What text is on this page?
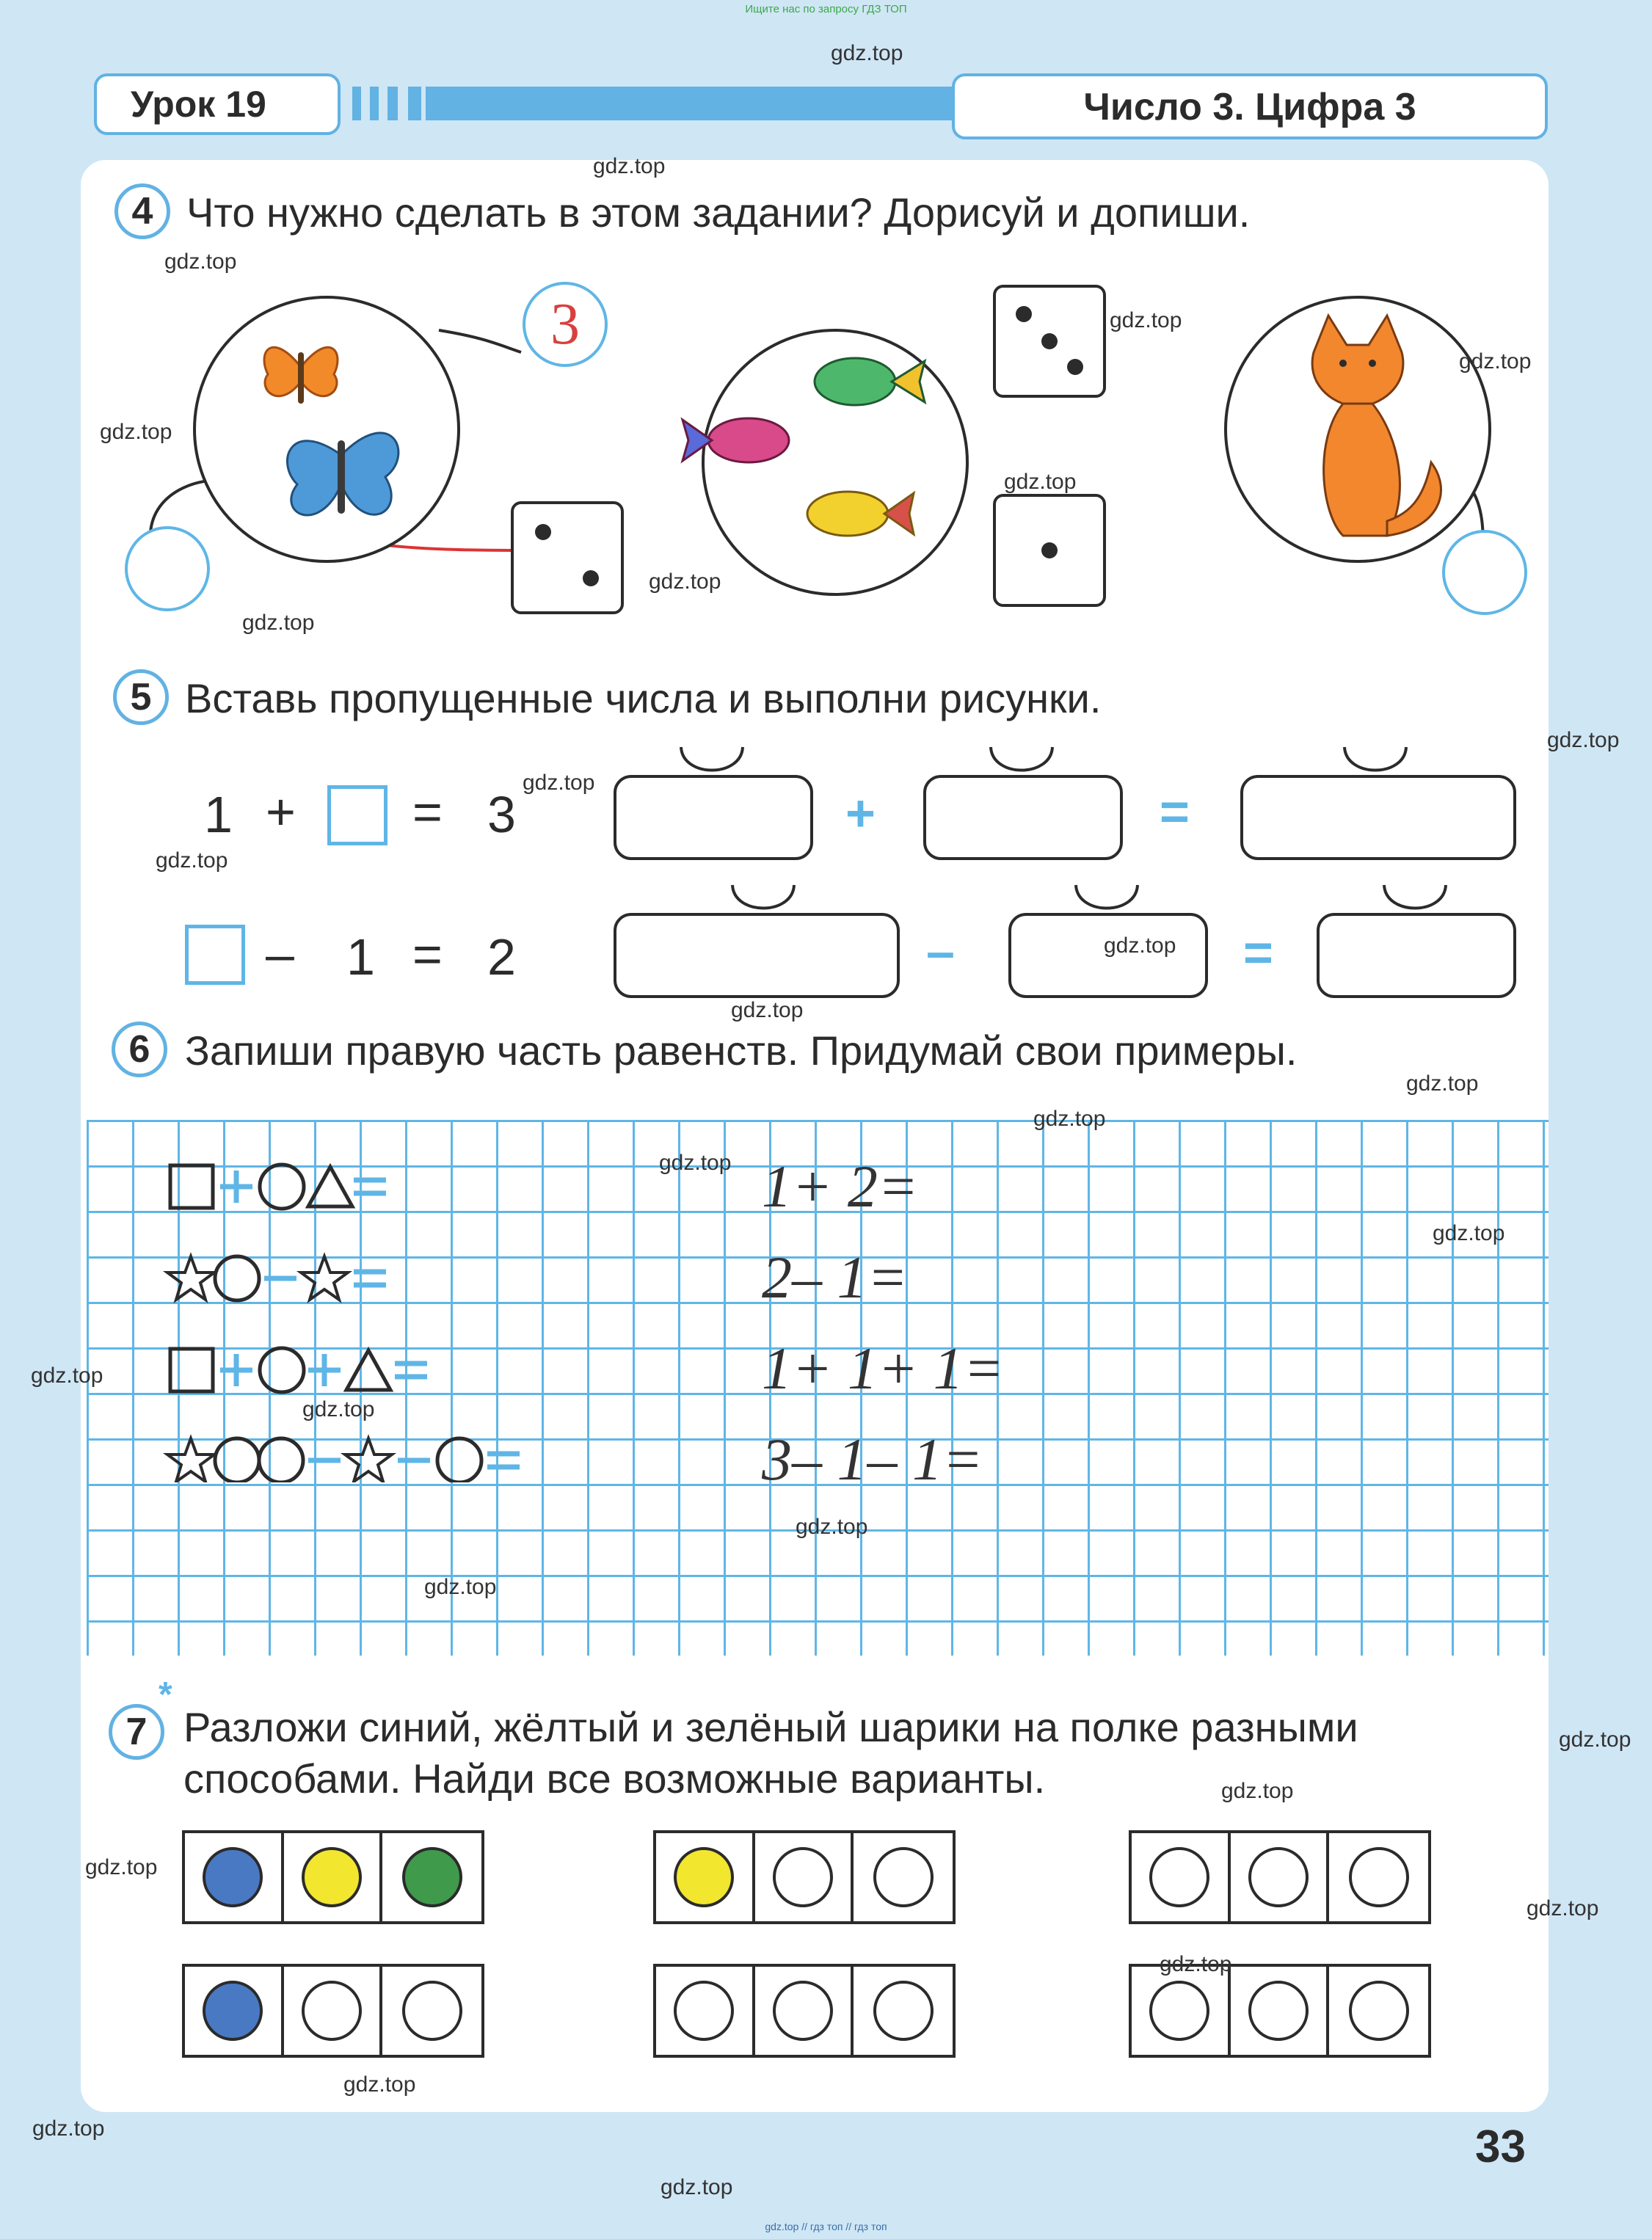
Ищите нас по запросу ГДЗ ТОП
Урок 19	Число 3. Цифра 3
4 Что нужно сделать в этом задании? Дорисуй и допиши.
3
5 Вставь пропущенные числа и выполни рисунки.
1 + = 3
– 1 = 2
+	=
–	=
6 Запиши правую часть равенств. Придумай свои примеры.
1+ 2=
2– 1=
1+ 1+ 1=
3– 1– 1=
7
*
Разложи синий, жёлтый и зелёный шарики на полке разными
способами. Найди все возможные варианты.
33
gdz.top
gdz.top
gdz.top
gdz.top
gdz.top
gdz.top
gdz.top
gdz.top
gdz.top
gdz.top
gdz.top
gdz.top
gdz.top
gdz.top
gdz.top
gdz.top
gdz.top
gdz.top
gdz.top
gdz.top
gdz.top
gdz.top
gdz.top
gdz.top
gdz.top
gdz.top
gdz.top
gdz.top
gdz.top
gdz.top
gdz.top // гдз топ // гдз топ
